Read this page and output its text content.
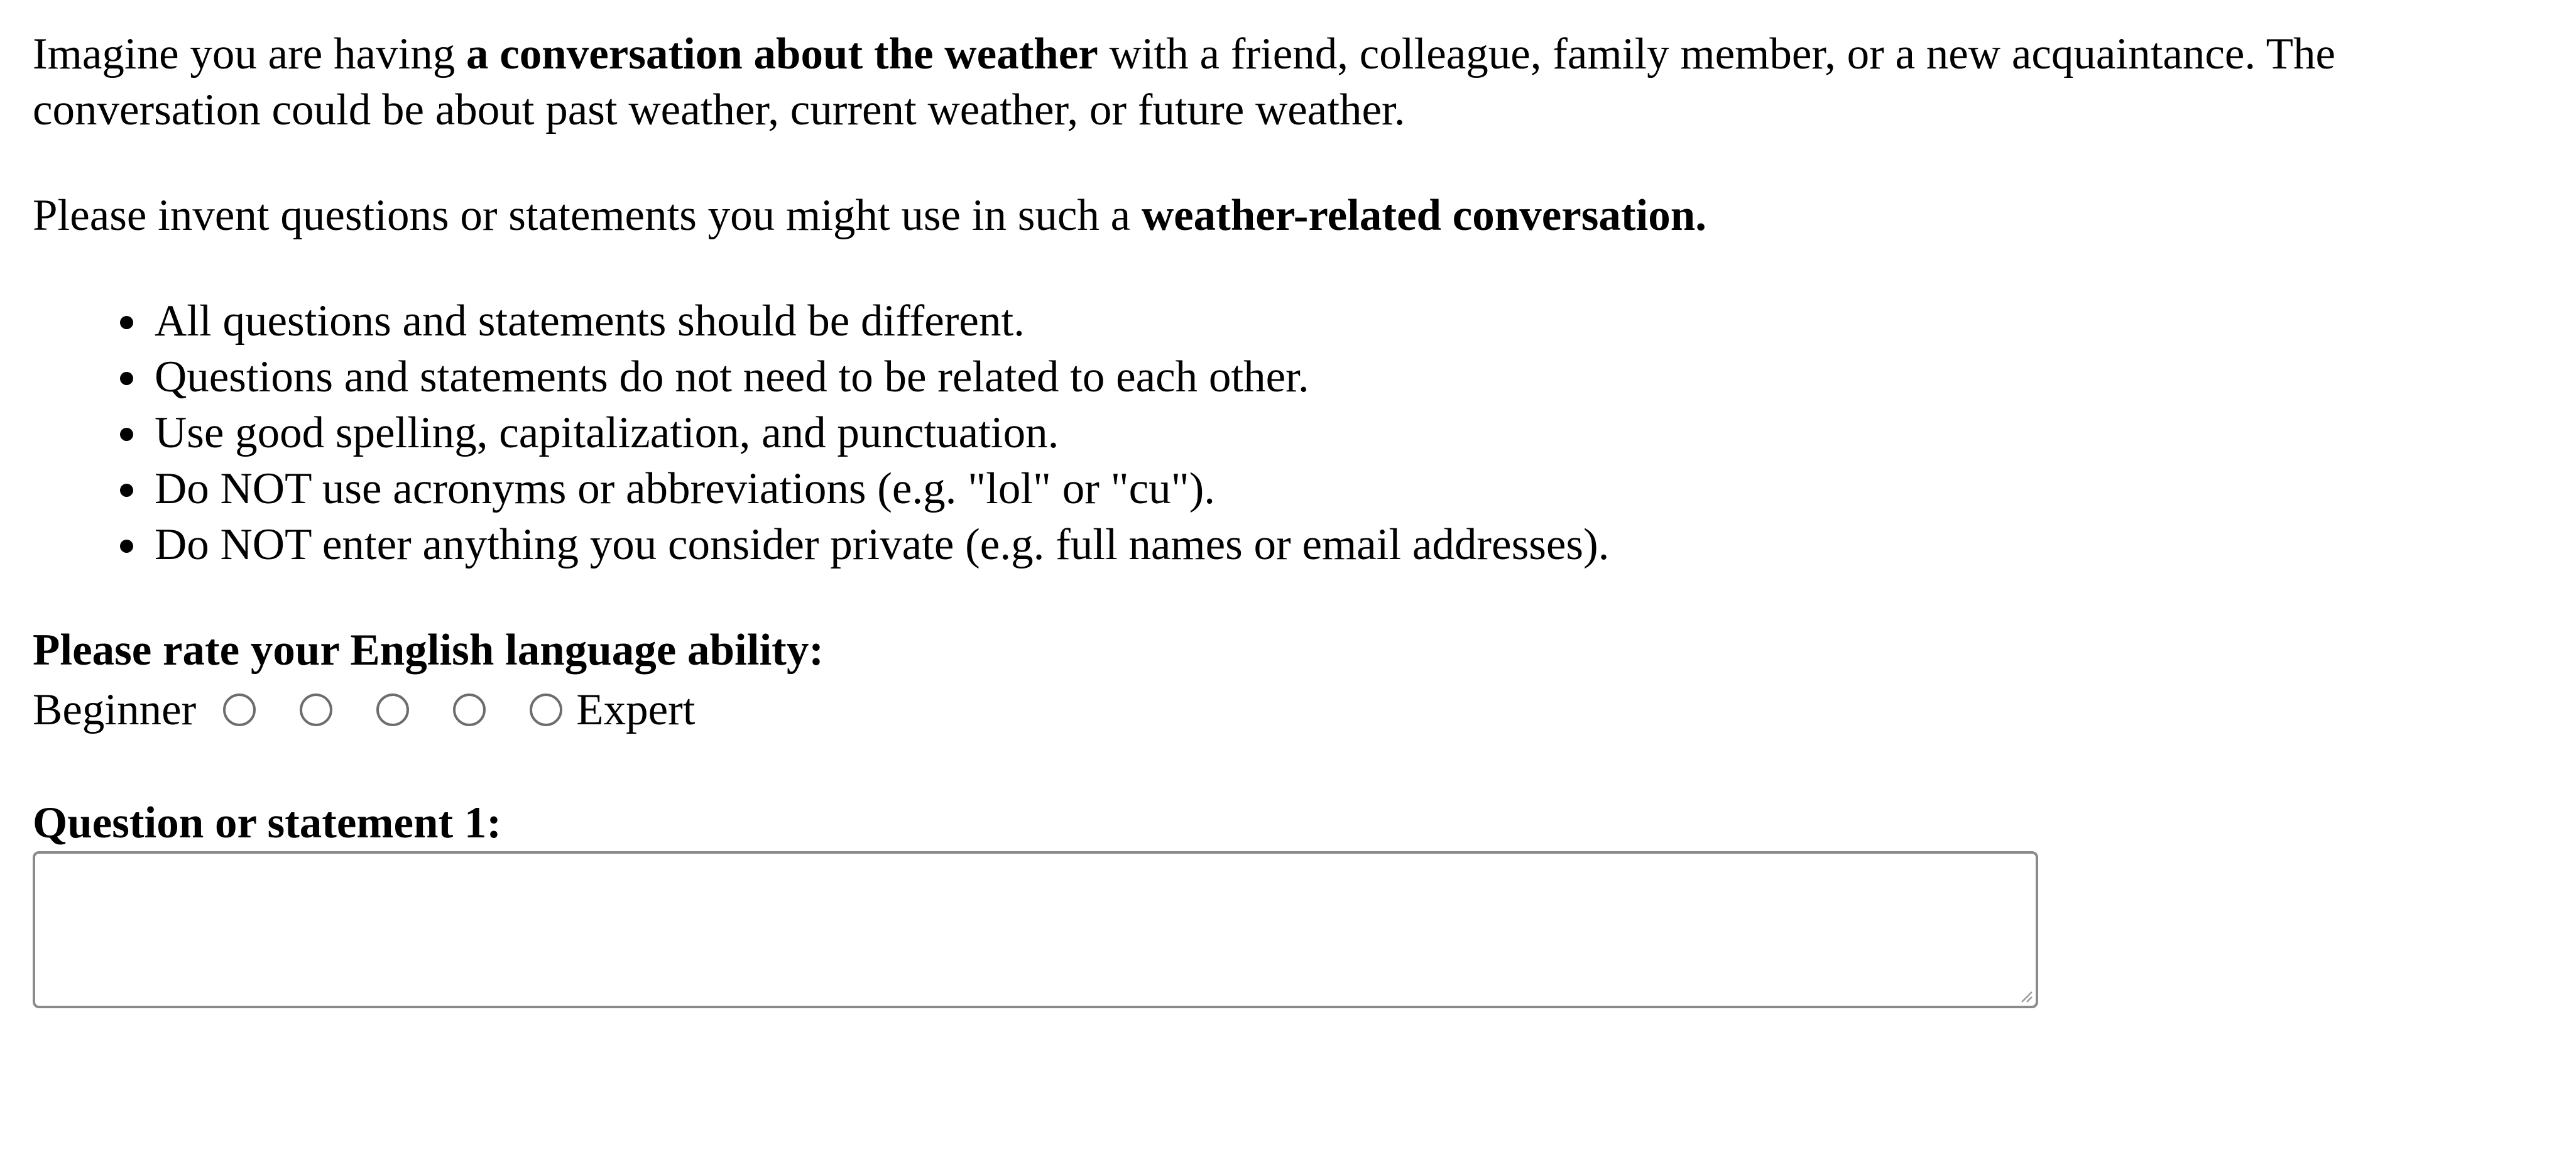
Imagine you are having a conversation about the weather with a friend, colleague, family member, or a new acquaintance. The conversation could be about past weather, current weather, or future weather.

Please invent questions or statements you might use in such a weather-related conversation.

All questions and statements should be different.
Questions and statements do not need to be related to each other.
Use good spelling, capitalization, and punctuation.
Do NOT use acronyms or abbreviations (e.g. "lol" or "cu").
Do NOT enter anything you consider private (e.g. full names or email addresses).

Please rate your English language ability:

Beginner	Expert

Question or statement 1:
